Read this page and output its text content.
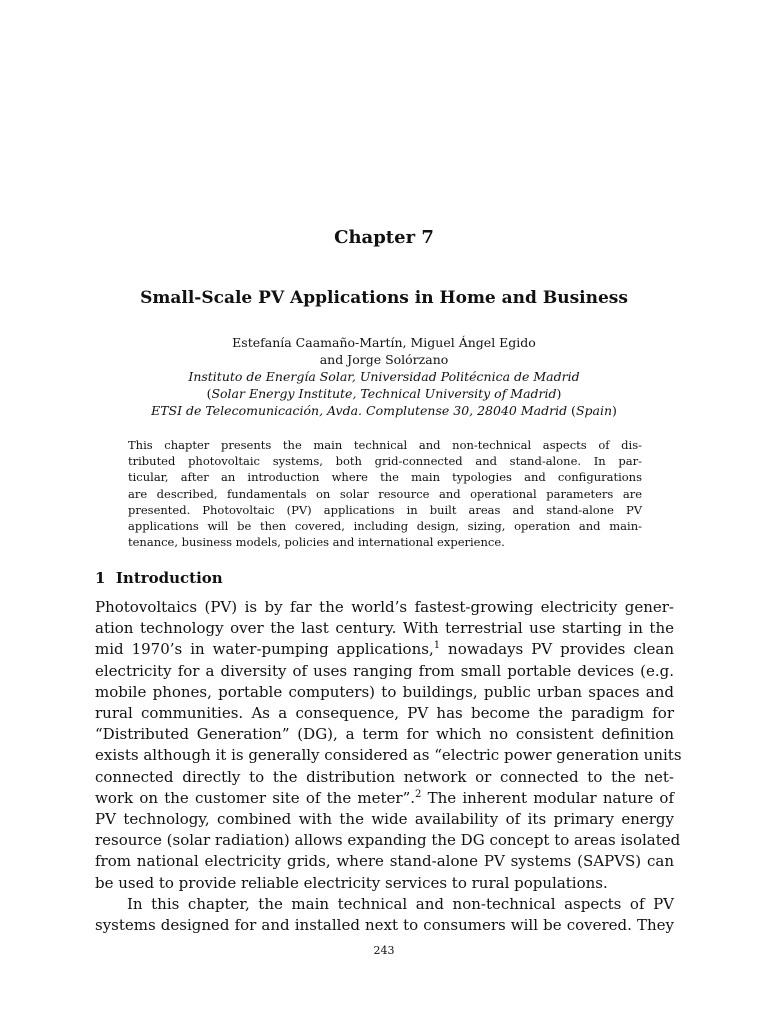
Chapter 7
Small-Scale PV Applications in Home and Business
Estefanía Caamaño-Martín, Miguel Ángel Egido
and Jorge Solórzano
Instituto de Energía Solar, Universidad Politécnica de Madrid
(Solar Energy Institute, Technical University of Madrid)
ETSI de Telecomunicación, Avda. Complutense 30, 28040 Madrid (Spain)
This chapter presents the main technical and non-technical aspects of dis-
tributed photovoltaic systems, both grid-connected and stand-alone. In par-
ticular, after an introduction where the main typologies and configurations
are described, fundamentals on solar resource and operational parameters are
presented. Photovoltaic (PV) applications in built areas and stand-alone PV
applications will be then covered, including design, sizing, operation and main-
tenance, business models, policies and international experience.
1 Introduction
Photovoltaics (PV) is by far the world’s fastest-growing electricity gener-
ation technology over the last century. With terrestrial use starting in the
mid 1970’s in water-pumping applications,$^1$ nowadays PV provides clean
electricity for a diversity of uses ranging from small portable devices (e.g.
mobile phones, portable computers) to buildings, public urban spaces and
rural communities. As a consequence, PV has become the paradigm for
“Distributed Generation” (DG), a term for which no consistent definition
exists although it is generally considered as “electric power generation units
connected directly to the distribution network or connected to the net-
work on the customer site of the meter”.$^2$ The inherent modular nature of
PV technology, combined with the wide availability of its primary energy
resource (solar radiation) allows expanding the DG concept to areas isolated
from national electricity grids, where stand-alone PV systems (SAPVS) can
be used to provide reliable electricity services to rural populations.
In this chapter, the main technical and non-technical aspects of PV
systems designed for and installed next to consumers will be covered. They
243
